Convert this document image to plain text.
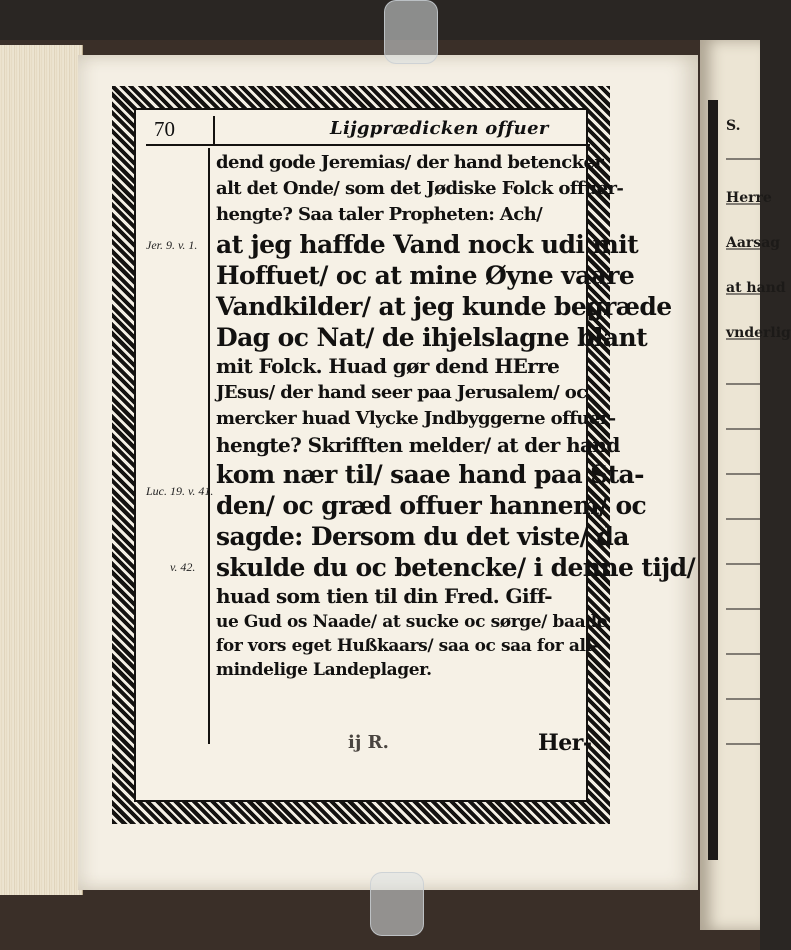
S.
Herre
Aarsag
at hand
vnderlig
70	Lijgprædicken offuer
Jer. 9. v. 1.
Luc. 19. v. 41.
v. 42.
dend gode Jeremias/ der hand betencker
alt det Onde/ som det Jødiske Folck offuer-
hengte? Saa taler Propheten: Ach/
at jeg haffde Vand nock udi mit
Hoffuet/ oc at mine Øyne vaare
Vandkilder/ at jeg kunde begræde
Dag oc Nat/ de ihjelslagne blant
mit Folck. Huad gør dend HErre
JEsus/ der hand seer paa Jerusalem/ oc
mercker huad Vlycke Jndbyggerne offuer-
hengte? Skrifften melder/ at der hand
kom nær til/ saae hand paa Sta-
den/ oc græd offuer hannem/ oc
sagde: Dersom du det viste/ da
skulde du oc betencke/ i denne tijd/
huad som tien til din Fred. Giff-
ue Gud os Naade/ at sucke oc sørge/ baade
for vors eget Hußkaars/ saa oc saa for all-
mindelige Landeplager.
ij R.	Her-
